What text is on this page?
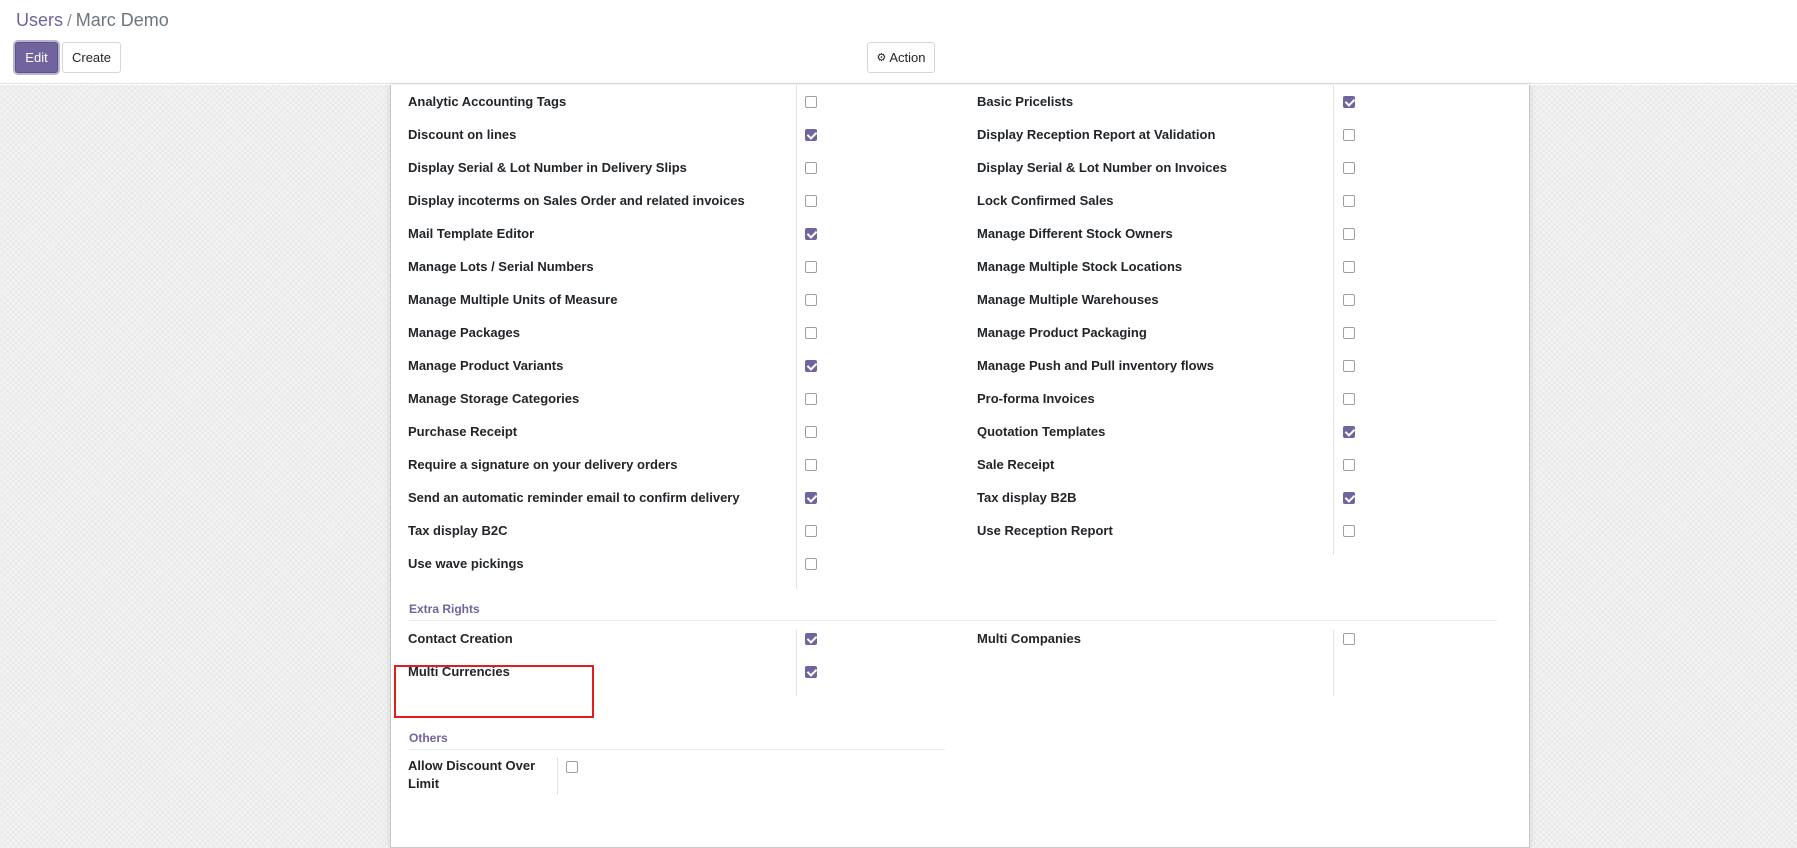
Users / Marc Demo
Edit	Create	⚙ Action
Analytic Accounting Tags
Discount on lines
Display Serial & Lot Number in Delivery Slips
Display incoterms on Sales Order and related invoices
Mail Template Editor
Manage Lots / Serial Numbers
Manage Multiple Units of Measure
Manage Packages
Manage Product Variants
Manage Storage Categories
Purchase Receipt
Require a signature on your delivery orders
Send an automatic reminder email to confirm delivery
Tax display B2C
Use wave pickings
Basic Pricelists
Display Reception Report at Validation
Display Serial & Lot Number on Invoices
Lock Confirmed Sales
Manage Different Stock Owners
Manage Multiple Stock Locations
Manage Multiple Warehouses
Manage Product Packaging
Manage Push and Pull inventory flows
Pro-forma Invoices
Quotation Templates
Sale Receipt
Tax display B2B
Use Reception Report
Extra Rights
Contact Creation
Multi Currencies
Multi Companies
Others
Allow Discount Over Limit
